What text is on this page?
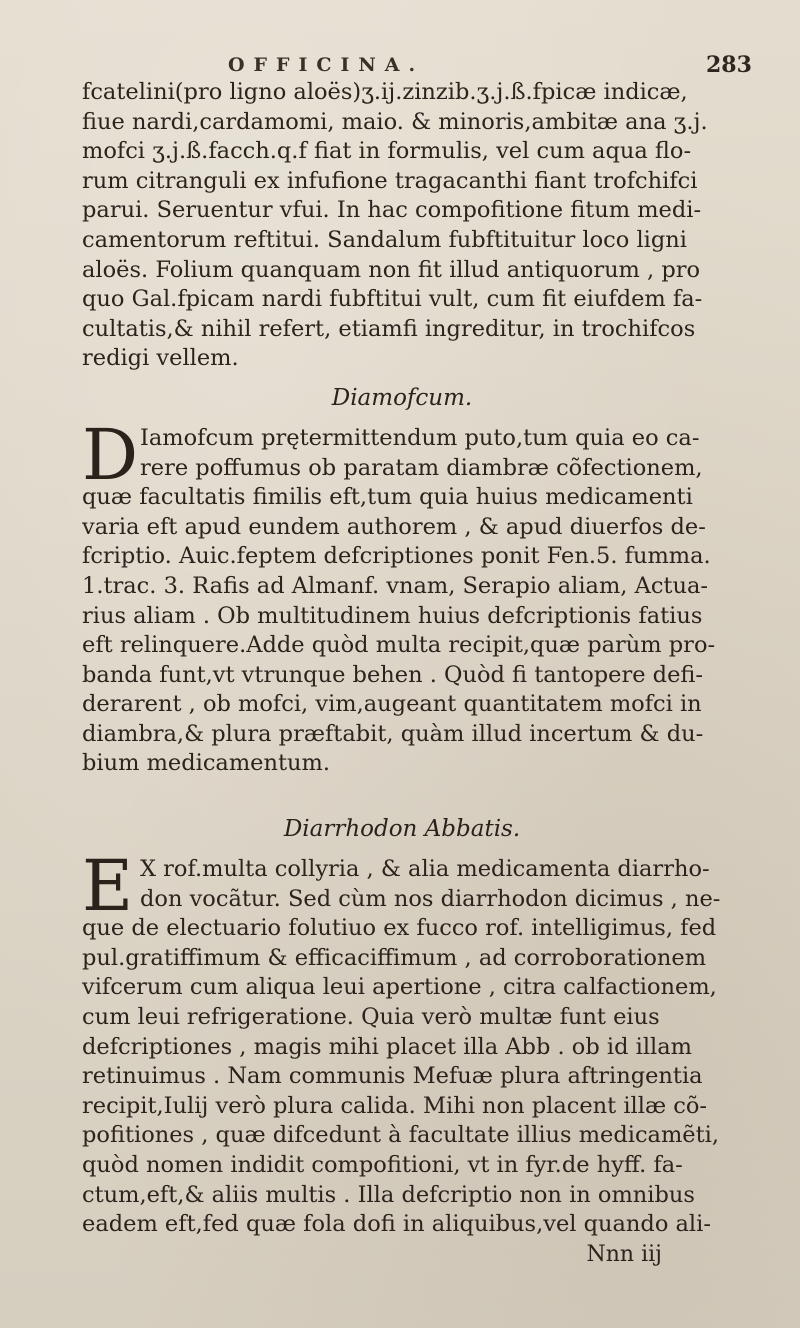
OFFICINA.	283
fcatelini(pro ligno aloës)ʒ.ij.zinzib.ʒ.j.ß.fpicæ indicæ,
fiue nardi,cardamomi, maio. & minoris,ambitæ ana ʒ.j.
mofci ʒ.j.ß.facch.q.f fiat in formulis, vel cum aqua flo-
rum citranguli ex infufione tragacanthi fiant trofchifci
parui. Seruentur vfui. In hac compofitione fitum medi-
camentorum reftitui. Sandalum fubftituitur loco ligni
aloës. Folium quanquam non fit illud antiquorum , pro
quo Gal.fpicam nardi fubftitui vult, cum fit eiufdem fa-
cultatis,& nihil refert, etiamfi ingreditur, in trochifcos
redigi vellem.
Diamofcum.
D Iamofcum prętermittendum puto,tum quia eo ca-
rere poffumus ob paratam diambræ cõfectionem,
quæ facultatis fimilis eft,tum quia huius medicamenti
varia eft apud eundem authorem , & apud diuerfos de-
fcriptio. Auic.feptem defcriptiones ponit Fen.5. fumma.
1.trac. 3. Rafis ad Almanf. vnam, Serapio aliam, Actua-
rius aliam . Ob multitudinem huius defcriptionis fatius
eft relinquere.Adde quòd multa recipit,quæ parùm pro-
banda funt,vt vtrunque behen . Quòd fi tantopere defi-
derarent , ob mofci, vim,augeant quantitatem mofci in
diambra,& plura præftabit, quàm illud incertum & du-
bium medicamentum.
Diarrhodon Abbatis.
E X rof.multa collyria , & alia medicamenta diarrho-
don vocãtur. Sed cùm nos diarrhodon dicimus , ne-
que de electuario folutiuo ex fucco rof. intelligimus, fed
pul.gratiffimum & efficaciffimum , ad corroborationem
vifcerum cum aliqua leui apertione , citra calfactionem,
cum leui refrigeratione. Quia verò multæ funt eius
defcriptiones , magis mihi placet illa Abb . ob id illam
retinuimus . Nam communis Mefuæ plura aftringentia
recipit,Iulij verò plura calida. Mihi non placent illæ cõ-
pofitiones , quæ difcedunt à facultate illius medicamẽti,
quòd nomen indidit compofitioni, vt in fyr.de hyff. fa-
ctum,eft,& aliis multis . Illa defcriptio non in omnibus
eadem eft,fed quæ fola dofi in aliquibus,vel quando ali-
Nnn iij
